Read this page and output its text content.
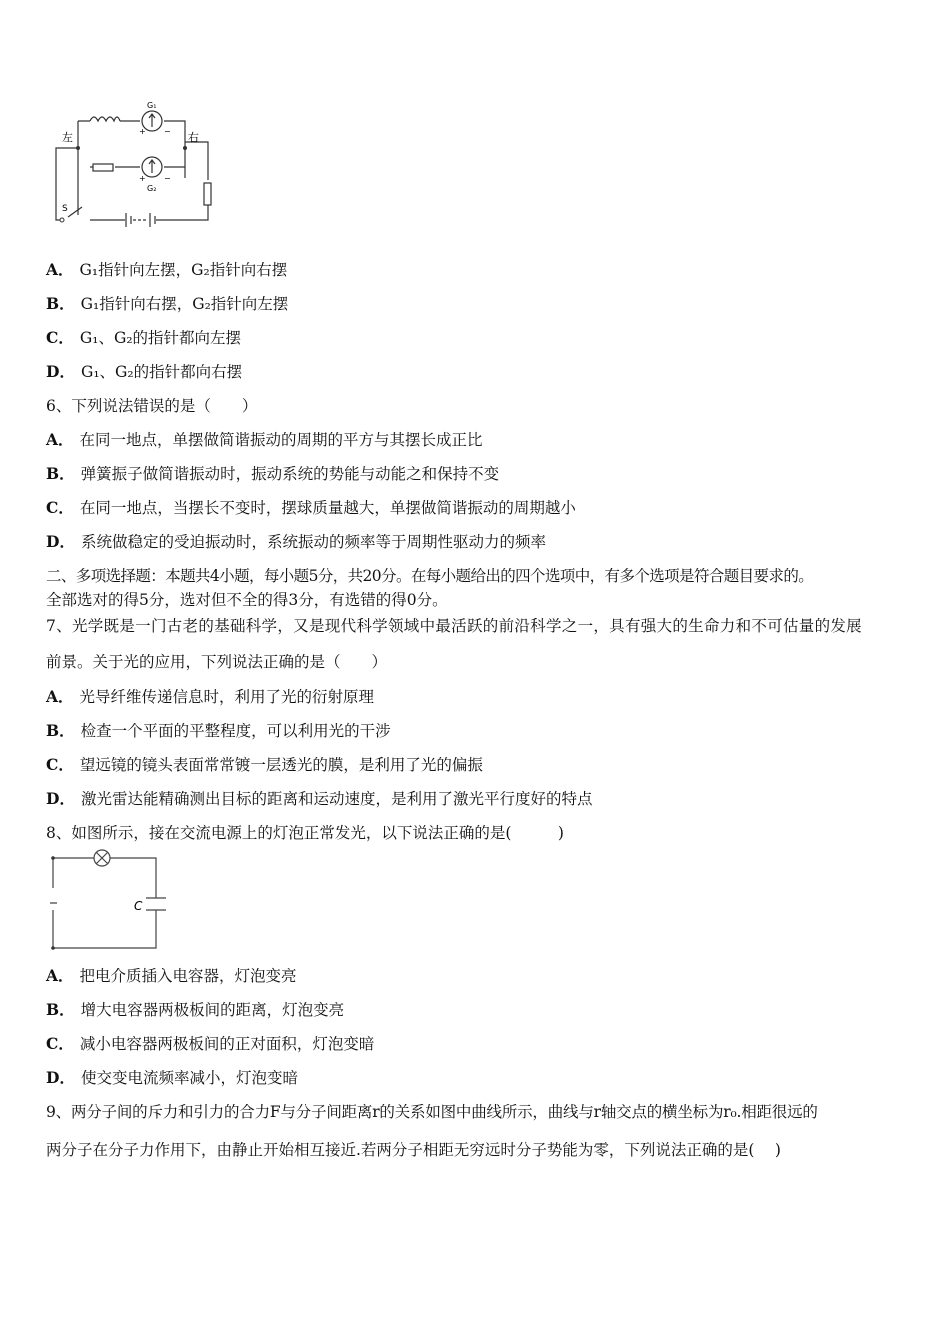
左	右
G₁
G₂
S
+ −
+ −
A． G₁指针向左摆，G₂指针向右摆
B． G₁指针向右摆，G₂指针向左摆
C． G₁、G₂的指针都向左摆
D． G₁、G₂的指针都向右摆
6、下列说法错误的是（　　）
A． 在同一地点，单摆做简谐振动的周期的平方与其摆长成正比
B． 弹簧振子做简谐振动时，振动系统的势能与动能之和保持不变
C． 在同一地点，当摆长不变时，摆球质量越大，单摆做简谐振动的周期越小
D． 系统做稳定的受迫振动时，系统振动的频率等于周期性驱动力的频率
二、多项选择题：本题共4小题，每小题5分，共20分。在每小题给出的四个选项中，有多个选项是符合题目要求的。
全部选对的得5分，选对但不全的得3分，有选错的得0分。
7、光学既是一门古老的基础科学，又是现代科学领域中最活跃的前沿科学之一，具有强大的生命力和不可估量的发展
前景。关于光的应用，下列说法正确的是（　　）
A． 光导纤维传递信息时，利用了光的衍射原理
B． 检查一个平面的平整程度，可以利用光的干涉
C． 望远镜的镜头表面常常镀一层透光的膜，是利用了光的偏振
D． 激光雷达能精确测出目标的距离和运动速度，是利用了激光平行度好的特点
8、如图所示，接在交流电源上的灯泡正常发光，以下说法正确的是(　　　)
C
A． 把电介质插入电容器，灯泡变亮
B． 增大电容器两极板间的距离，灯泡变亮
C． 减小电容器两极板间的正对面积，灯泡变暗
D． 使交变电流频率减小，灯泡变暗
9、两分子间的斥力和引力的合力F与分子间距离r的关系如图中曲线所示，曲线与r轴交点的横坐标为r₀.相距很远的
两分子在分子力作用下，由静止开始相互接近.若两分子相距无穷远时分子势能为零，下列说法正确的是(　 )
